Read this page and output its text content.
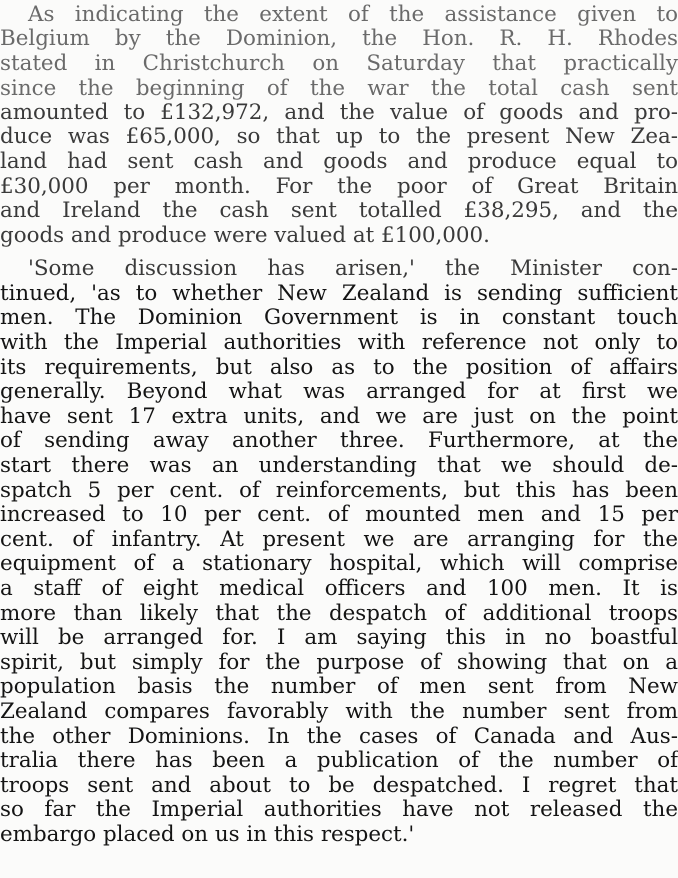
As indicating the extent of the assistance given to
Belgium by the Dominion, the Hon. R. H. Rhodes
stated in Christchurch on Saturday that practically
since the beginning of the war the total cash sent
amounted to £132,972, and the value of goods and pro-
duce was £65,000, so that up to the present New Zea-
land had sent cash and goods and produce equal to
£30,000 per month. For the poor of Great Britain
and Ireland the cash sent totalled £38,295, and the
goods and produce were valued at £100,000.
'Some discussion has arisen,' the Minister con-
tinued, 'as to whether New Zealand is sending sufficient
men. The Dominion Government is in constant touch
with the Imperial authorities with reference not only to
its requirements, but also as to the position of affairs
generally. Beyond what was arranged for at first we
have sent 17 extra units, and we are just on the point
of sending away another three. Furthermore, at the
start there was an understanding that we should de-
spatch 5 per cent. of reinforcements, but this has been
increased to 10 per cent. of mounted men and 15 per
cent. of infantry. At present we are arranging for the
equipment of a stationary hospital, which will comprise
a staff of eight medical officers and 100 men. It is
more than likely that the despatch of additional troops
will be arranged for. I am saying this in no boastful
spirit, but simply for the purpose of showing that on a
population basis the number of men sent from New
Zealand compares favorably with the number sent from
the other Dominions. In the cases of Canada and Aus-
tralia there has been a publication of the number of
troops sent and about to be despatched. I regret that
so far the Imperial authorities have not released the
embargo placed on us in this respect.'
